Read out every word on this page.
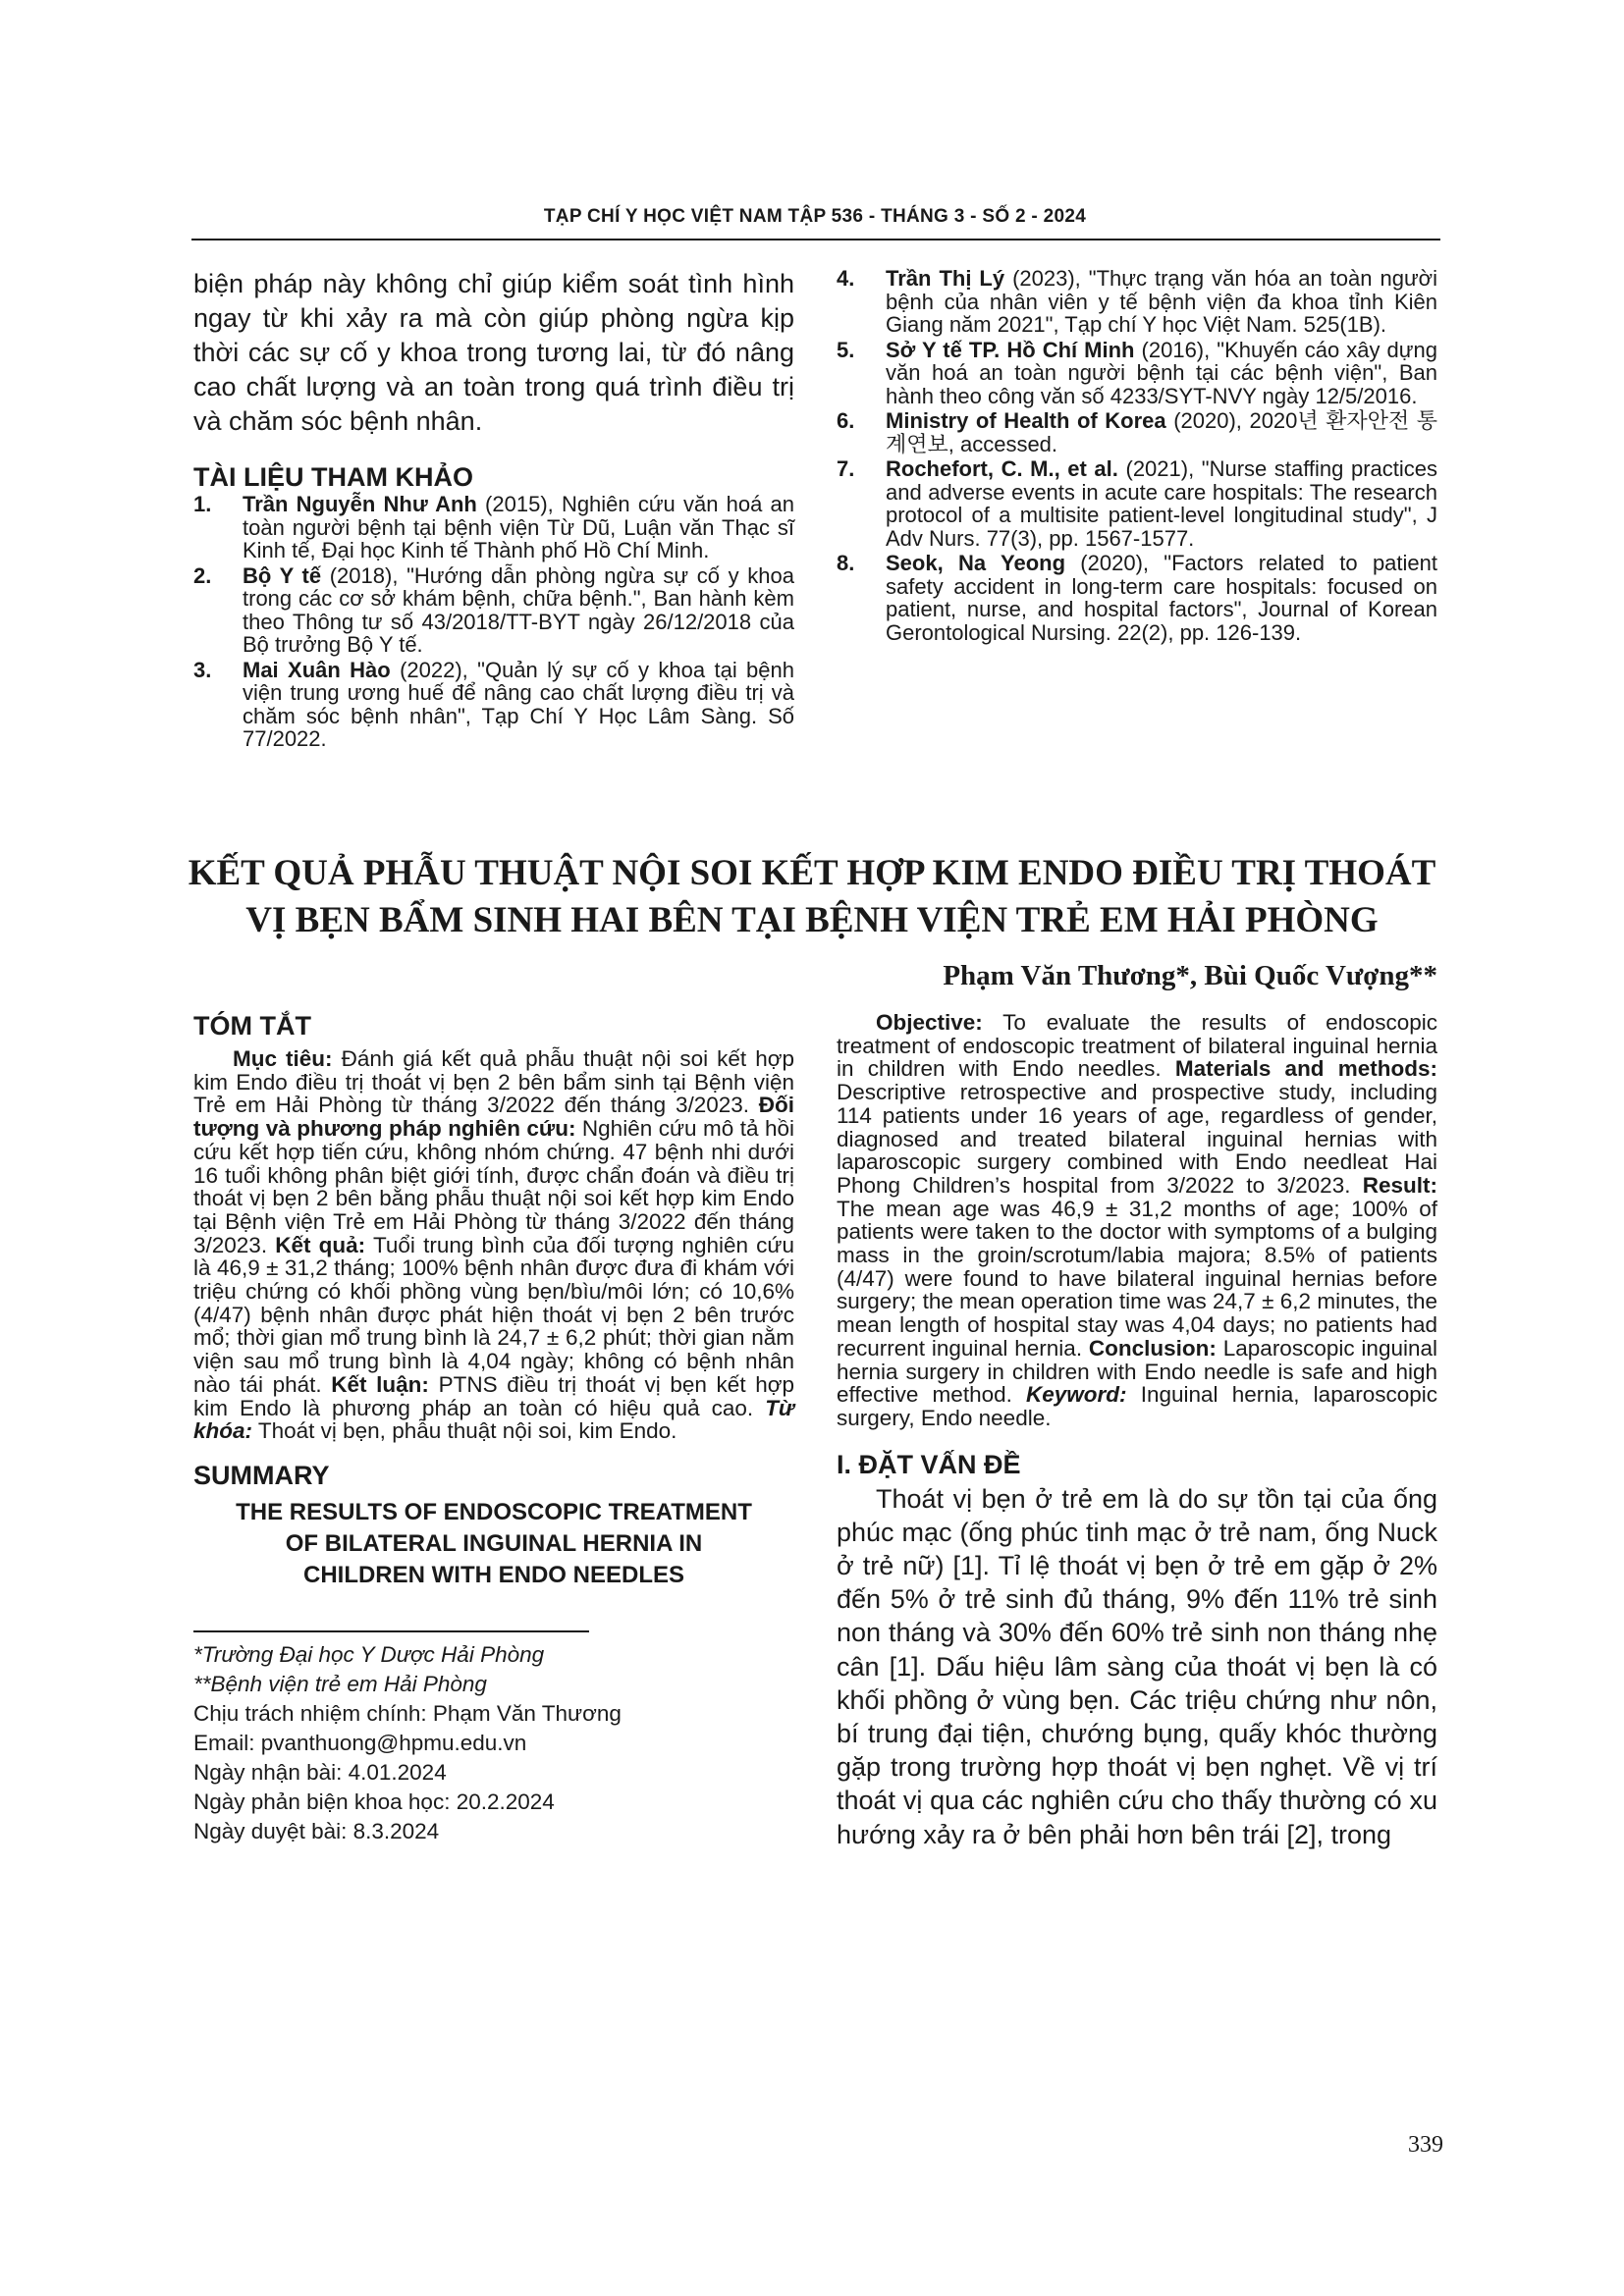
TẠP CHÍ Y HỌC VIỆT NAM TẬP 536 - THÁNG 3 - SỐ 2 - 2024
biện pháp này không chỉ giúp kiểm soát tình hình ngay từ khi xảy ra mà còn giúp phòng ngừa kịp thời các sự cố y khoa trong tương lai, từ đó nâng cao chất lượng và an toàn trong quá trình điều trị và chăm sóc bệnh nhân.
TÀI LIỆU THAM KHẢO
1. Trần Nguyễn Như Anh (2015), Nghiên cứu văn hoá an toàn người bệnh tại bệnh viện Từ Dũ, Luận văn Thạc sĩ Kinh tế, Đại học Kinh tế Thành phố Hồ Chí Minh.
2. Bộ Y tế (2018), "Hướng dẫn phòng ngừa sự cố y khoa trong các cơ sở khám bệnh, chữa bệnh.", Ban hành kèm theo Thông tư số 43/2018/TT-BYT ngày 26/12/2018 của Bộ trưởng Bộ Y tế.
3. Mai Xuân Hào (2022), "Quản lý sự cố y khoa tại bệnh viện trung ương huế để nâng cao chất lượng điều trị và chăm sóc bệnh nhân", Tạp Chí Y Học Lâm Sàng. Số 77/2022.
4. Trần Thị Lý (2023), "Thực trạng văn hóa an toàn người bệnh của nhân viên y tế bệnh viện đa khoa tỉnh Kiên Giang năm 2021", Tạp chí Y học Việt Nam. 525(1B).
5. Sở Y tế TP. Hồ Chí Minh (2016), "Khuyến cáo xây dựng văn hoá an toàn người bệnh tại các bệnh viện", Ban hành theo công văn số 4233/SYT-NVY ngày 12/5/2016.
6. Ministry of Health of Korea (2020), 2020년 환자안전 통계연보, accessed.
7. Rochefort, C. M., et al. (2021), "Nurse staffing practices and adverse events in acute care hospitals: The research protocol of a multisite patient-level longitudinal study", J Adv Nurs. 77(3), pp. 1567-1577.
8. Seok, Na Yeong (2020), "Factors related to patient safety accident in long-term care hospitals: focused on patient, nurse, and hospital factors", Journal of Korean Gerontological Nursing. 22(2), pp. 126-139.
KẾT QUẢ PHẪU THUẬT NỘI SOI KẾT HỢP KIM ENDO ĐIỀU TRỊ THOÁT
VỊ BẸN BẨM SINH HAI BÊN TẠI BỆNH VIỆN TRẺ EM HẢI PHÒNG
Phạm Văn Thương*, Bùi Quốc Vượng**
TÓM TẮT
Mục tiêu: Đánh giá kết quả phẫu thuật nội soi kết hợp kim Endo điều trị thoát vị bẹn 2 bên bẩm sinh tại Bệnh viện Trẻ em Hải Phòng từ tháng 3/2022 đến tháng 3/2023. Đối tượng và phương pháp nghiên cứu: Nghiên cứu mô tả hồi cứu kết hợp tiến cứu, không nhóm chứng. 47 bệnh nhi dưới 16 tuổi không phân biệt giới tính, được chẩn đoán và điều trị thoát vị bẹn 2 bên bằng phẫu thuật nội soi kết hợp kim Endo tại Bệnh viện Trẻ em Hải Phòng từ tháng 3/2022 đến tháng 3/2023. Kết quả: Tuổi trung bình của đối tượng nghiên cứu là 46,9 ± 31,2 tháng; 100% bệnh nhân được đưa đi khám với triệu chứng có khối phồng vùng bẹn/bìu/môi lớn; có 10,6% (4/47) bệnh nhân được phát hiện thoát vị bẹn 2 bên trước mổ; thời gian mổ trung bình là 24,7 ± 6,2 phút; thời gian nằm viện sau mổ trung bình là 4,04 ngày; không có bệnh nhân nào tái phát. Kết luận: PTNS điều trị thoát vị bẹn kết hợp kim Endo là phương pháp an toàn có hiệu quả cao. Từ khóa: Thoát vị bẹn, phẫu thuật nội soi, kim Endo.
SUMMARY
THE RESULTS OF ENDOSCOPIC TREATMENT
OF BILATERAL INGUINAL HERNIA IN
CHILDREN WITH ENDO NEEDLES
*Trường Đại học Y Dược Hải Phòng
**Bệnh viện trẻ em Hải Phòng
Chịu trách nhiệm chính: Phạm Văn Thương
Email: pvanthuong@hpmu.edu.vn
Ngày nhận bài: 4.01.2024
Ngày phản biện khoa học: 20.2.2024
Ngày duyệt bài: 8.3.2024
Objective: To evaluate the results of endoscopic treatment of endoscopic treatment of bilateral inguinal hernia in children with Endo needles. Materials and methods: Descriptive retrospective and prospective study, including 114 patients under 16 years of age, regardless of gender, diagnosed and treated bilateral inguinal hernias with laparoscopic surgery combined with Endo needleat Hai Phong Children’s hospital from 3/2022 to 3/2023. Result: The mean age was 46,9 ± 31,2 months of age; 100% of patients were taken to the doctor with symptoms of a bulging mass in the groin/scrotum/labia majora; 8.5% of patients (4/47) were found to have bilateral inguinal hernias before surgery; the mean operation time was 24,7 ± 6,2 minutes, the mean length of hospital stay was 4,04 days; no patients had recurrent inguinal hernia. Conclusion: Laparoscopic inguinal hernia surgery in children with Endo needle is safe and high effective method. Keyword: Inguinal hernia, laparoscopic surgery, Endo needle.
I. ĐẶT VẤN ĐỀ
Thoát vị bẹn ở trẻ em là do sự tồn tại của ống phúc mạc (ống phúc tinh mạc ở trẻ nam, ống Nuck ở trẻ nữ) [1]. Tỉ lệ thoát vị bẹn ở trẻ em gặp ở 2% đến 5% ở trẻ sinh đủ tháng, 9% đến 11% trẻ sinh non tháng và 30% đến 60% trẻ sinh non tháng nhẹ cân [1]. Dấu hiệu lâm sàng của thoát vị bẹn là có khối phồng ở vùng bẹn. Các triệu chứng như nôn, bí trung đại tiện, chướng bụng, quấy khóc thường gặp trong trường hợp thoát vị bẹn nghẹt. Về vị trí thoát vị qua các nghiên cứu cho thấy thường có xu hướng xảy ra ở bên phải hơn bên trái [2], trong
339
